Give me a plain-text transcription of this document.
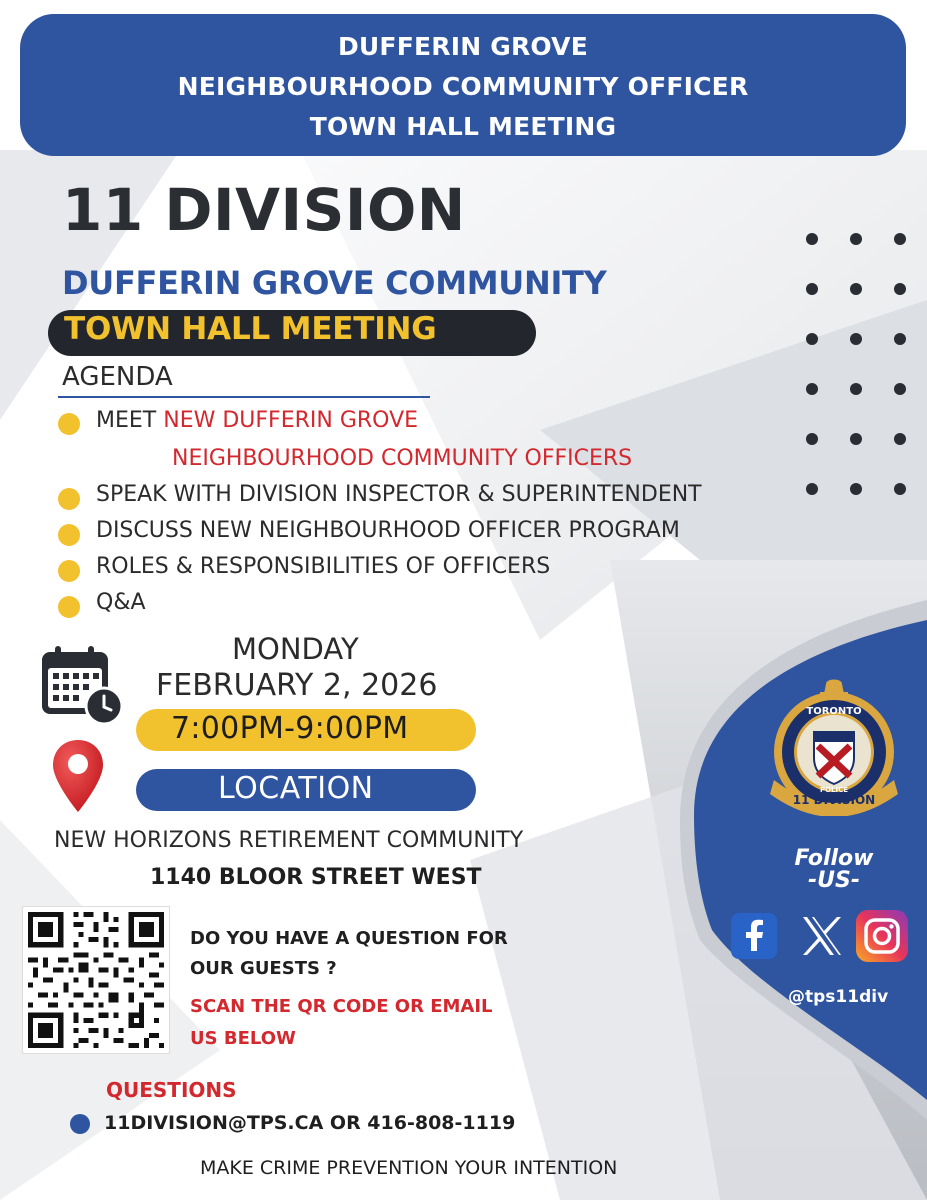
DUFFERIN GROVE
NEIGHBOURHOOD COMMUNITY OFFICER
TOWN HALL MEETING
11 DIVISION
DUFFERIN GROVE COMMUNITY
TOWN HALL MEETING
AGENDA
MEET NEW DUFFERIN GROVE
NEIGHBOURHOOD COMMUNITY OFFICERS
SPEAK WITH DIVISION INSPECTOR & SUPERINTENDENT
DISCUSS NEW NEIGHBOURHOOD OFFICER PROGRAM
ROLES & RESPONSIBILITIES OF OFFICERS
Q&A
MONDAY
FEBRUARY 2, 2026
7:00PM-9:00PM
LOCATION
NEW HORIZONS RETIREMENT COMMUNITY
1140 BLOOR STREET WEST
DO YOU HAVE A QUESTION FOR
OUR GUESTS ?
SCAN THE QR CODE OR EMAIL
US BELOW
QUESTIONS
11DIVISION@TPS.CA OR 416-808-1119
MAKE CRIME PREVENTION YOUR INTENTION
TORONTO
11 DIVISION
POLICE
Follow
-US-
@tps11div
